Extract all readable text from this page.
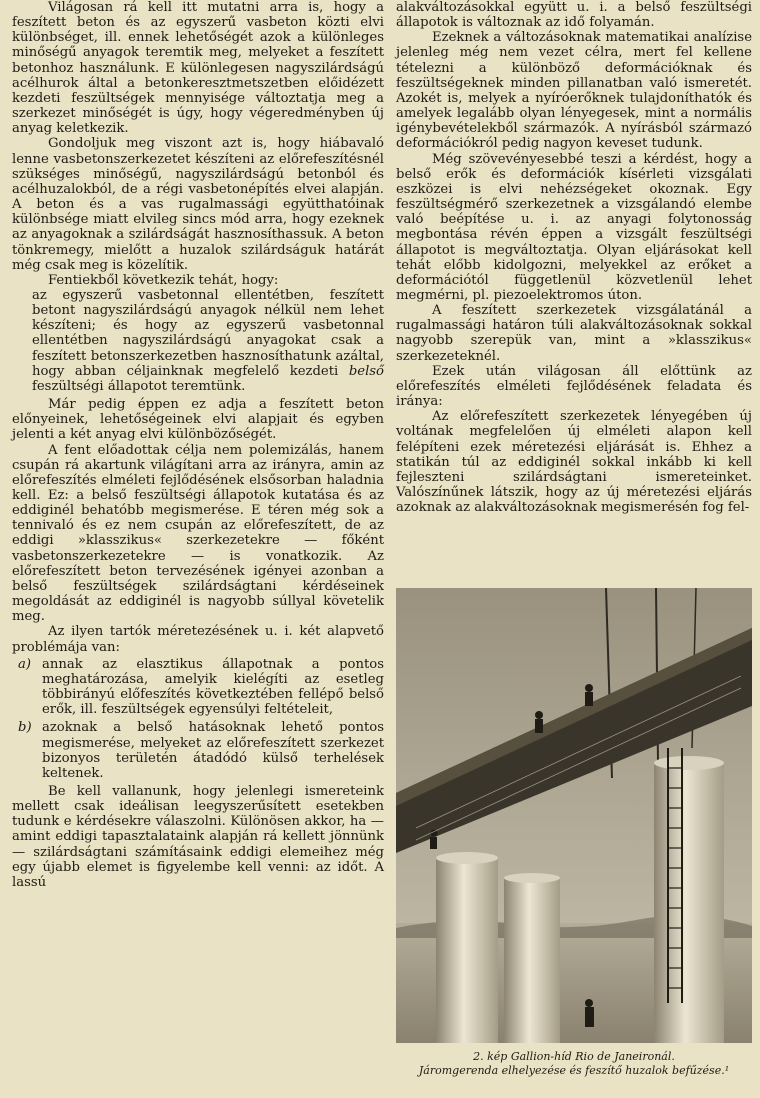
Világosan rá kell itt mutatni arra is, hogy a feszített beton és az egyszerű vasbeton közti elvi különbséget, ill. ennek lehetőségét azok a különleges minőségű anyagok teremtik meg, melyeket a feszített betonhoz használunk. E különlegesen nagyszilárdságú acélhurok által a betonkeresztmetszetben előidézett kezdeti feszültségek mennyisége változtatja meg a szerkezet minőségét is úgy, hogy végeredményben új anyag keletkezik.

Gondoljuk meg viszont azt is, hogy hiábavaló lenne vasbetonszerkezetet készíteni az előrefeszítésnél szükséges minőségű, nagyszilárdságú betonból és acélhuzalokból, de a régi vasbetonépítés elvei alapján. A beton és a vas rugalmassági együtthatóinak különbsége miatt elvileg sincs mód arra, hogy ezeknek az anyagoknak a szilárdságát hasznosíthassuk. A beton tönkremegy, mielőtt a huzalok szilárdságuk határát még csak meg is közelítik.

Fentiekből következik tehát, hogy:

az egyszerű vasbetonnal ellentétben, feszített betont nagyszilárdságú anyagok nélkül nem lehet készíteni; és hogy az egyszerű vasbetonnal ellentétben nagyszilárdságú anyagokat csak a feszített betonszerkezetben hasznosíthatunk azáltal, hogy abban céljainknak megfelelő kezdeti belső feszültségi állapotot teremtünk.

Már pedig éppen ez adja a feszített beton előnyeinek, lehetőségeinek elvi alapjait és egyben jelenti a két anyag elvi különbözőségét.

A fent előadottak célja nem polemizálás, hanem csupán rá akartunk világítani arra az irányra, amin az előrefeszítés elméleti fejlődésének elsősorban haladnia kell. Ez: a belső feszültségi állapotok kutatása és az eddiginél behatóbb megismerése. E téren még sok a tennivaló és ez nem csupán az előrefeszített, de az eddigi »klasszikus« szerkezetekre — főként vasbetonszerkezetekre — is vonatkozik. Az előrefeszített beton tervezésének igényei azonban a belső feszültségek szilárdságtani kérdéseinek megoldását az eddiginél is nagyobb súllyal követelik meg.

Az ilyen tartók méretezésének u. i. két alapvető problémája van:

a) annak az elasztikus állapotnak a pontos meghatározása, amelyik kielégíti az esetleg többirányú előfeszítés következtében fellépő belső erők, ill. feszültségek egyensúlyi feltételeit,
b) azoknak a belső hatásoknak lehető pontos megismerése, melyeket az előrefeszített szerkezet bizonyos területén átadódó külső terhelések keltenek.

Be kell vallanunk, hogy jelenlegi ismereteink mellett csak ideálisan leegyszerűsített esetekben tudunk e kérdésekre válaszolni. Különösen akkor, ha — amint eddigi tapasztalataink alapján rá kellett jönnünk — szilárdságtani számításaink eddigi elemeihez még egy újabb elemet is figyelembe kell venni: az időt. A lassú

alakváltozásokkal együtt u. i. a belső feszültségi állapotok is változnak az idő folyamán.

Ezeknek a változásoknak matematikai analízise jelenleg még nem vezet célra, mert fel kellene tételezni a különböző deformációknak és feszültségeknek minden pillanatban való ismeretét. Azokét is, melyek a nyíróerőknek tulajdoníthatók és amelyek legalább olyan lényegesek, mint a normális igénybevételekből származók. A nyírásból származó deformációkról pedig nagyon keveset tudunk.

Még szövevényesebbé teszi a kérdést, hogy a belső erők és deformációk kísérleti vizsgálati eszközei is elvi nehézségeket okoznak. Egy feszültségmérő szerkezetnek a vizsgálandó elembe való beépítése u. i. az anyagi folytonosság megbontása révén éppen a vizsgált feszültségi állapotot is megváltoztatja. Olyan eljárásokat kell tehát előbb kidolgozni, melyekkel az erőket a deformációtól függetlenül közvetlenül lehet megmérni, pl. piezoelektromos úton.

A feszített szerkezetek vizsgálatánál a rugalmassági határon túli alakváltozásoknak sokkal nagyobb szerepük van, mint a »klasszikus« szerkezeteknél.

Ezek után világosan áll előttünk az előrefeszítés elméleti fejlődésének feladata és iránya:

Az előrefeszített szerkezetek lényegében új voltának megfelelően új elméleti alapon kell felépíteni ezek méretezési eljárását is. Ehhez a statikán túl az eddiginél sokkal inkább ki kell fejleszteni szilárdságtani ismereteinket. Valószínűnek látszik, hogy az új méretezési eljárás azoknak az alakváltozásoknak megismerésén fog fel-

2. kép Gallion-híd Rio de Janeironál.

Járomgerenda elhelyezése és feszítő huzalok befűzése.¹
